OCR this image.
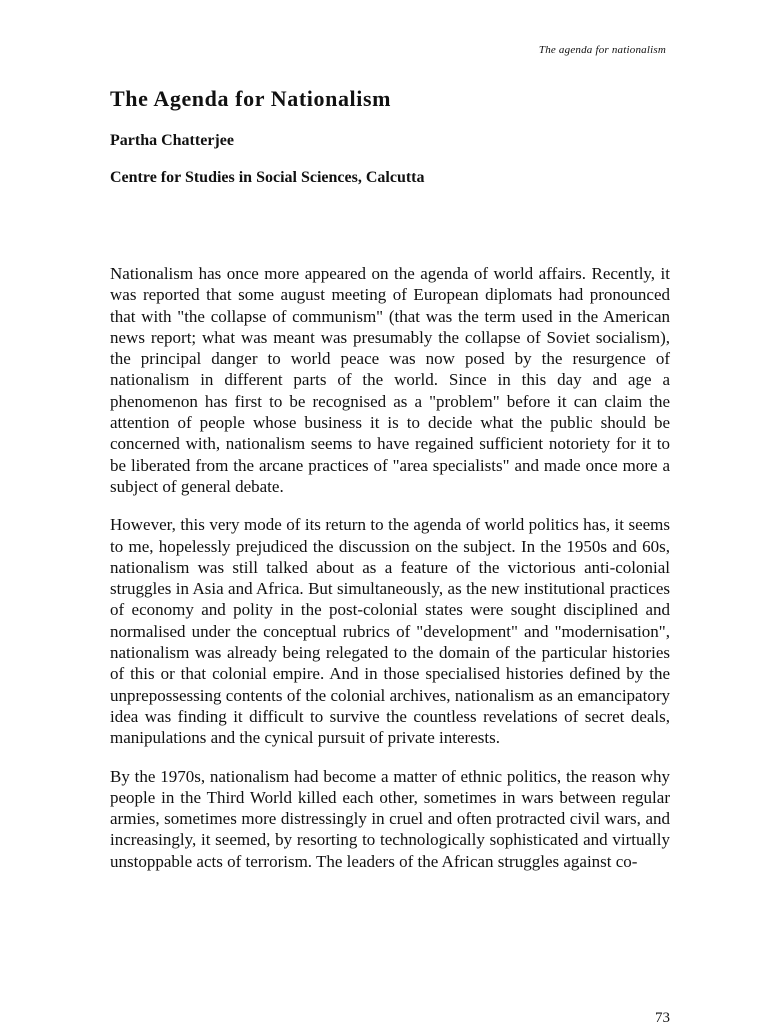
The agenda for nationalism
The Agenda for Nationalism
Partha Chatterjee
Centre for Studies in Social Sciences, Calcutta

Nationalism has once more appeared on the agenda of world affairs. Recently, it was reported that some august meeting of European diplomats had pronounced that with "the collapse of communism" (that was the term used in the American news report; what was meant was presumably the collapse of Soviet socialism), the principal danger to world peace was now posed by the resurgence of nationalism in different parts of the world. Since in this day and age a phenomenon has first to be recognised as a "problem" before it can claim the attention of people whose business it is to decide what the public should be concerned with, nationalism seems to have regained sufficient notoriety for it to be liberated from the arcane practices of "area specialists" and made once more a subject of general debate.

However, this very mode of its return to the agenda of world politics has, it seems to me, hopelessly prejudiced the discussion on the subject. In the 1950s and 60s, nationalism was still talked about as a feature of the victorious anti-colonial struggles in Asia and Africa. But simultaneously, as the new institutional practices of economy and polity in the post-colonial states were sought disciplined and normalised under the conceptual rubrics of "development" and "modernisation", nationalism was already being relegated to the domain of the particular histories of this or that colonial empire. And in those specialised histories defined by the unprepossessing contents of the colonial archives, nationalism as an emancipatory idea was finding it difficult to survive the countless revelations of secret deals, manipulations and the cynical pursuit of private interests.

By the 1970s, nationalism had become a matter of ethnic politics, the reason why people in the Third World killed each other, sometimes in wars between regular armies, sometimes more distressingly in cruel and often protracted civil wars, and increasingly, it seemed, by resorting to technologically sophisticated and virtually unstoppable acts of terrorism. The leaders of the African struggles against co-

73
